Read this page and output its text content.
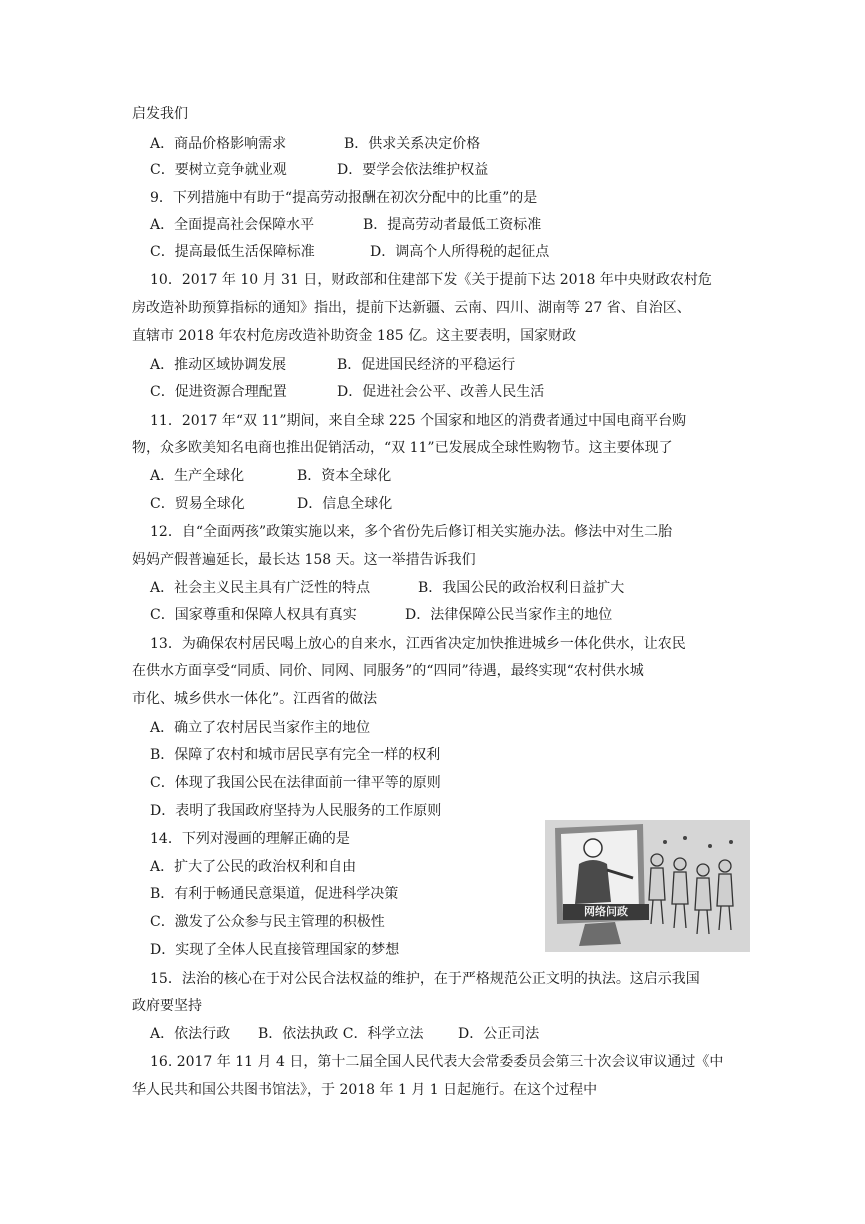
启发我们
A．商品价格影响需求	B．供求关系决定价格
C．要树立竞争就业观	D．要学会依法维护权益
9．下列措施中有助于“提高劳动报酬在初次分配中的比重”的是
A．全面提高社会保障水平	B．提高劳动者最低工资标准
C．提高最低生活保障标准	D．调高个人所得税的起征点
10．2017 年 10 月 31 日，财政部和住建部下发《关于提前下达 2018 年中央财政农村危
房改造补助预算指标的通知》指出，提前下达新疆、云南、四川、湖南等 27 省、自治区、
直辖市 2018 年农村危房改造补助资金 185 亿。这主要表明，国家财政
A．推动区域协调发展	B．促进国民经济的平稳运行
C．促进资源合理配置	D．促进社会公平、改善人民生活
11．2017 年“双 11”期间，来自全球 225 个国家和地区的消费者通过中国电商平台购
物，众多欧美知名电商也推出促销活动，“双 11”已发展成全球性购物节。这主要体现了
A．生产全球化	B．资本全球化
C．贸易全球化	D．信息全球化
12．自“全面两孩”政策实施以来，多个省份先后修订相关实施办法。修法中对生二胎
妈妈产假普遍延长，最长达 158 天。这一举措告诉我们
A．社会主义民主具有广泛性的特点	B．我国公民的政治权利日益扩大
C．国家尊重和保障人权具有真实	D．法律保障公民当家作主的地位
13．为确保农村居民喝上放心的自来水，江西省决定加快推进城乡一体化供水，让农民
在供水方面享受“同质、同价、同网、同服务”的“四同”待遇，最终实现“农村供水城
市化、城乡供水一体化”。江西省的做法
A．确立了农村居民当家作主的地位
B．保障了农村和城市居民享有完全一样的权利
C．体现了我国公民在法律面前一律平等的原则
D．表明了我国政府坚持为人民服务的工作原则
14．下列对漫画的理解正确的是
A．扩大了公民的政治权利和自由
B．有利于畅通民意渠道，促进科学决策
C．激发了公众参与民主管理的积极性
D．实现了全体人民直接管理国家的梦想
网络问政
15．法治的核心在于对公民合法权益的维护，在于严格规范公正文明的执法。这启示我国
政府要坚持
A．依法行政 B．依法执政 C．科学立法 D．公正司法
16. 2017 年 11 月 4 日，第十二届全国人民代表大会常委委员会第三十次会议审议通过《中
华人民共和国公共图书馆法》，于 2018 年 1 月 1 日起施行。在这个过程中
